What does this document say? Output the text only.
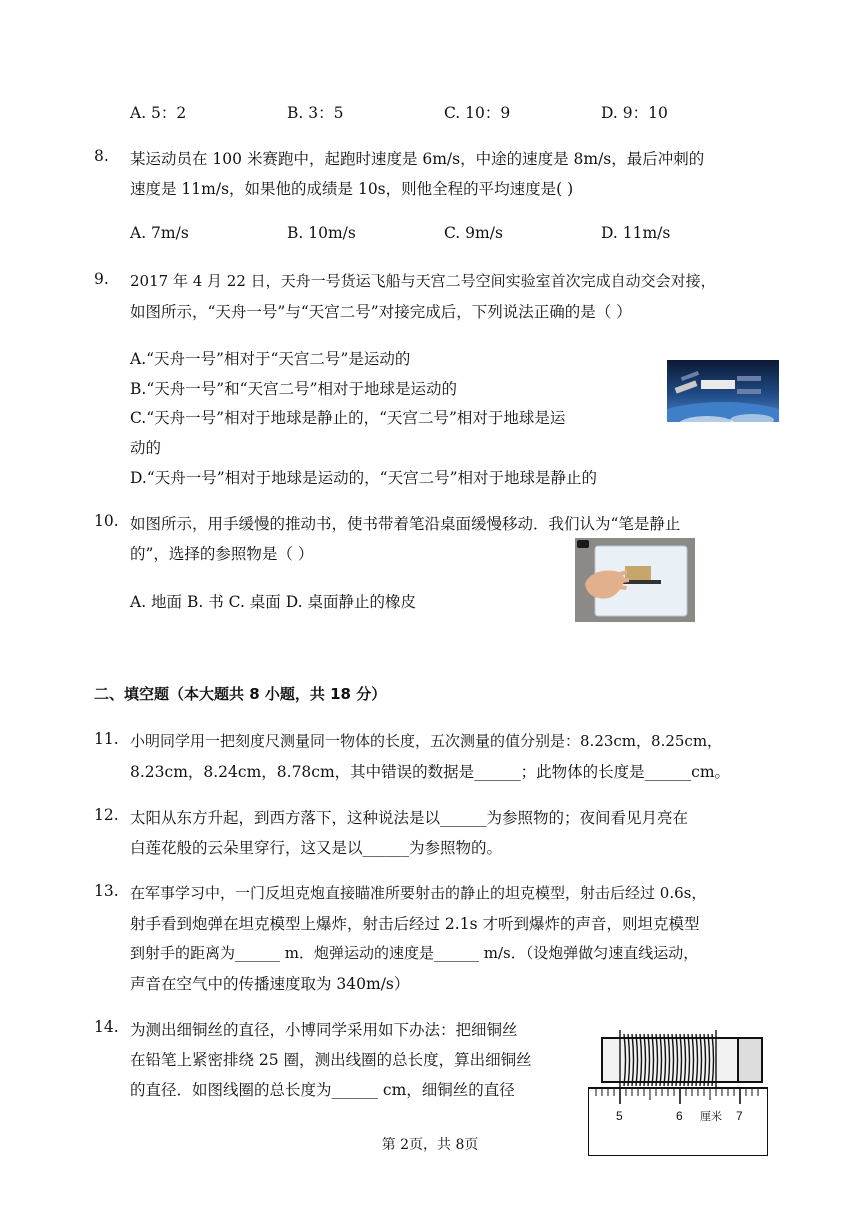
A. 5：2	B. 3：5	C. 10：9	D. 9：10
8. 某运动员在 100 米赛跑中，起跑时速度是 6m/s，中途的速度是 8m/s，最后冲刺的
速度是 11m/s，如果他的成绩是 10s，则他全程的平均速度是( )
A. 7m/s	B. 10m/s	C. 9m/s	D. 11m/s
9. 2017 年 4 月 22 日，天舟一号货运飞船与天宫二号空间实验室首次完成自动交会对接，
如图所示，“天舟一号”与“天宫二号”对接完成后，下列说法正确的是（ ）
A.“天舟一号”相对于“天宫二号”是运动的
B.“天舟一号”和“天宫二号”相对于地球是运动的
C.“天舟一号”相对于地球是静止的，“天宫二号”相对于地球是运
动的
D.“天舟一号”相对于地球是运动的，“天宫二号”相对于地球是静止的
10. 如图所示，用手缓慢的推动书，使书带着笔沿桌面缓慢移动．我们认为“笔是静止
的”，选择的参照物是（ ）
A. 地面 B. 书 C. 桌面 D. 桌面静止的橡皮
二、填空题（本大题共 8 小题，共 18 分）
11. 小明同学用一把刻度尺测量同一物体的长度，五次测量的值分别是：8.23cm，8.25cm，
8.23cm，8.24cm，8.78cm，其中错误的数据是______；此物体的长度是______cm。
12. 太阳从东方升起，到西方落下，这种说法是以______为参照物的；夜间看见月亮在
白莲花般的云朵里穿行，这又是以______为参照物的。
13. 在军事学习中，一门反坦克炮直接瞄准所要射击的静止的坦克模型，射击后经过 0.6s，
射手看到炮弹在坦克模型上爆炸，射击后经过 2.1s 才听到爆炸的声音，则坦克模型
到射手的距离为______ m．炮弹运动的速度是______ m/s．（设炮弹做匀速直线运动，
声音在空气中的传播速度取为 340m/s）
14. 为测出细铜丝的直径，小博同学采用如下办法：把细铜丝
在铅笔上紧密排绕 25 圈，测出线圈的总长度，算出细铜丝
的直径．如图线圈的总长度为______ cm，细铜丝的直径
5	6	7
厘米
第 2页，共 8页
